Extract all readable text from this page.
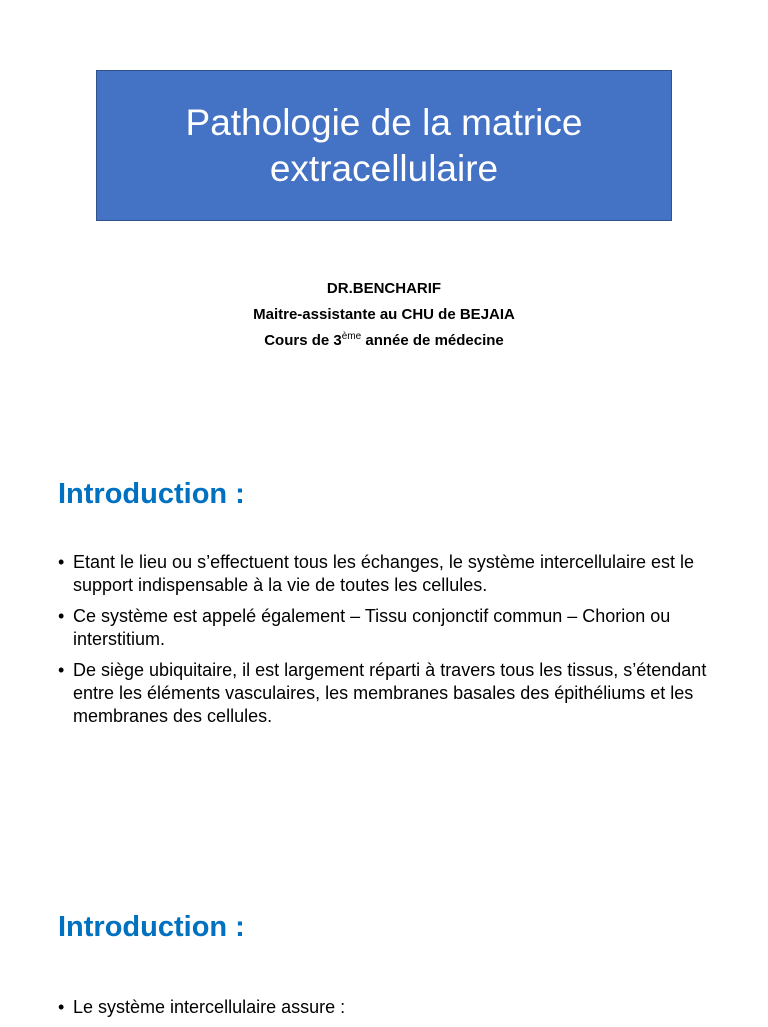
Pathologie de la matrice
extracellulaire
DR.BENCHARIF
Maitre-assistante au CHU de BEJAIA
Cours de 3ème année de médecine
Introduction :
• Etant le lieu ou s’effectuent tous les échanges, le système intercellulaire est le support indispensable à la vie de toutes les cellules.
• Ce système est appelé également – Tissu conjonctif commun – Chorion ou interstitium.
• De siège ubiquitaire, il est largement réparti à travers tous les tissus, s’étendant entre les éléments vasculaires, les membranes basales des épithéliums et les membranes des cellules.
Introduction :
• Le système intercellulaire assure :
